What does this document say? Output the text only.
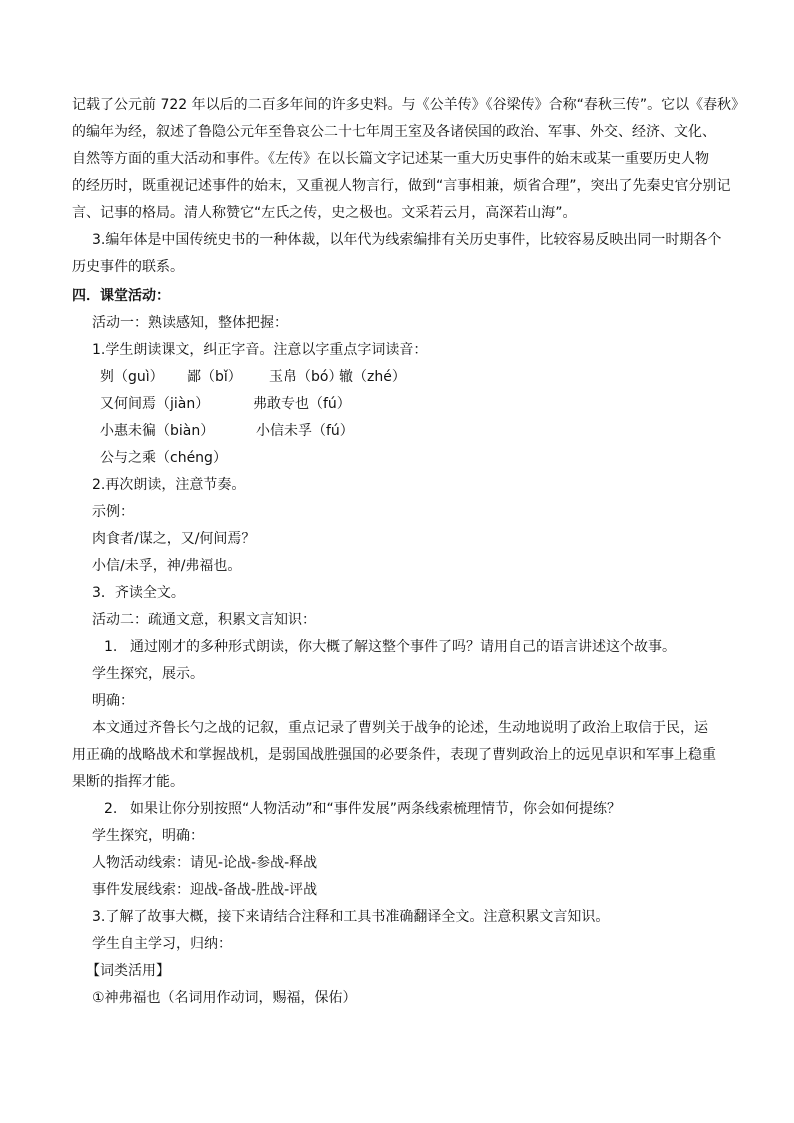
记载了公元前 722 年以后的二百多年间的许多史料。与《公羊传》《谷梁传》合称“春秋三传”。它以《春秋》
的编年为经，叙述了鲁隐公元年至鲁哀公二十七年周王室及各诸侯国的政治、军事、外交、经济、文化、
自然等方面的重大活动和事件。《左传》在以长篇文字记述某一重大历史事件的始末或某一重要历史人物
的经历时，既重视记述事件的始末，又重视人物言行，做到“言事相兼，烦省合理”，突出了先秦史官分别记
言、记事的格局。清人称赞它“左氏之传，史之极也。文采若云月，高深若山海”。
3.编年体是中国传统史书的一种体裁，以年代为线索编排有关历史事件，比较容易反映出同一时期各个
历史事件的联系。
四．课堂活动：
活动一：熟读感知，整体把握：
1.学生朗读课文，纠正字音。注意以字重点字词读音：
刿（guì） 鄙（bǐ） 玉帛（bó）
辙（zhé）
又何间焉（jiàn）	弗敢专也（fú）
小惠未徧（biàn）	小信未孚（fú）
公与之乘（chéng）
2.再次朗读，注意节奏。
示例：
肉食者/谋之，又/何间焉？
小信/未孚，神/弗福也。
3．齐读全文。
活动二：疏通文意，积累文言知识：
1. 通过刚才的多种形式朗读，你大概了解这整个事件了吗？请用自己的语言讲述这个故事。
学生探究，展示。
明确：
本文通过齐鲁长勺之战的记叙，重点记录了曹刿关于战争的论述，生动地说明了政治上取信于民，运
用正确的战略战术和掌握战机，是弱国战胜强国的必要条件，表现了曹刿政治上的远见卓识和军事上稳重
果断的指挥才能。
2. 如果让你分别按照“人物活动”和“事件发展”两条线索梳理情节，你会如何提练？
学生探究，明确：
人物活动线索：请见-论战-参战-释战
事件发展线索：迎战-备战-胜战-评战
3.了解了故事大概，接下来请结合注释和工具书准确翻译全文。注意积累文言知识。
学生自主学习，归纳：
【词类活用】
①神弗福也（名词用作动词，赐福，保佑）
